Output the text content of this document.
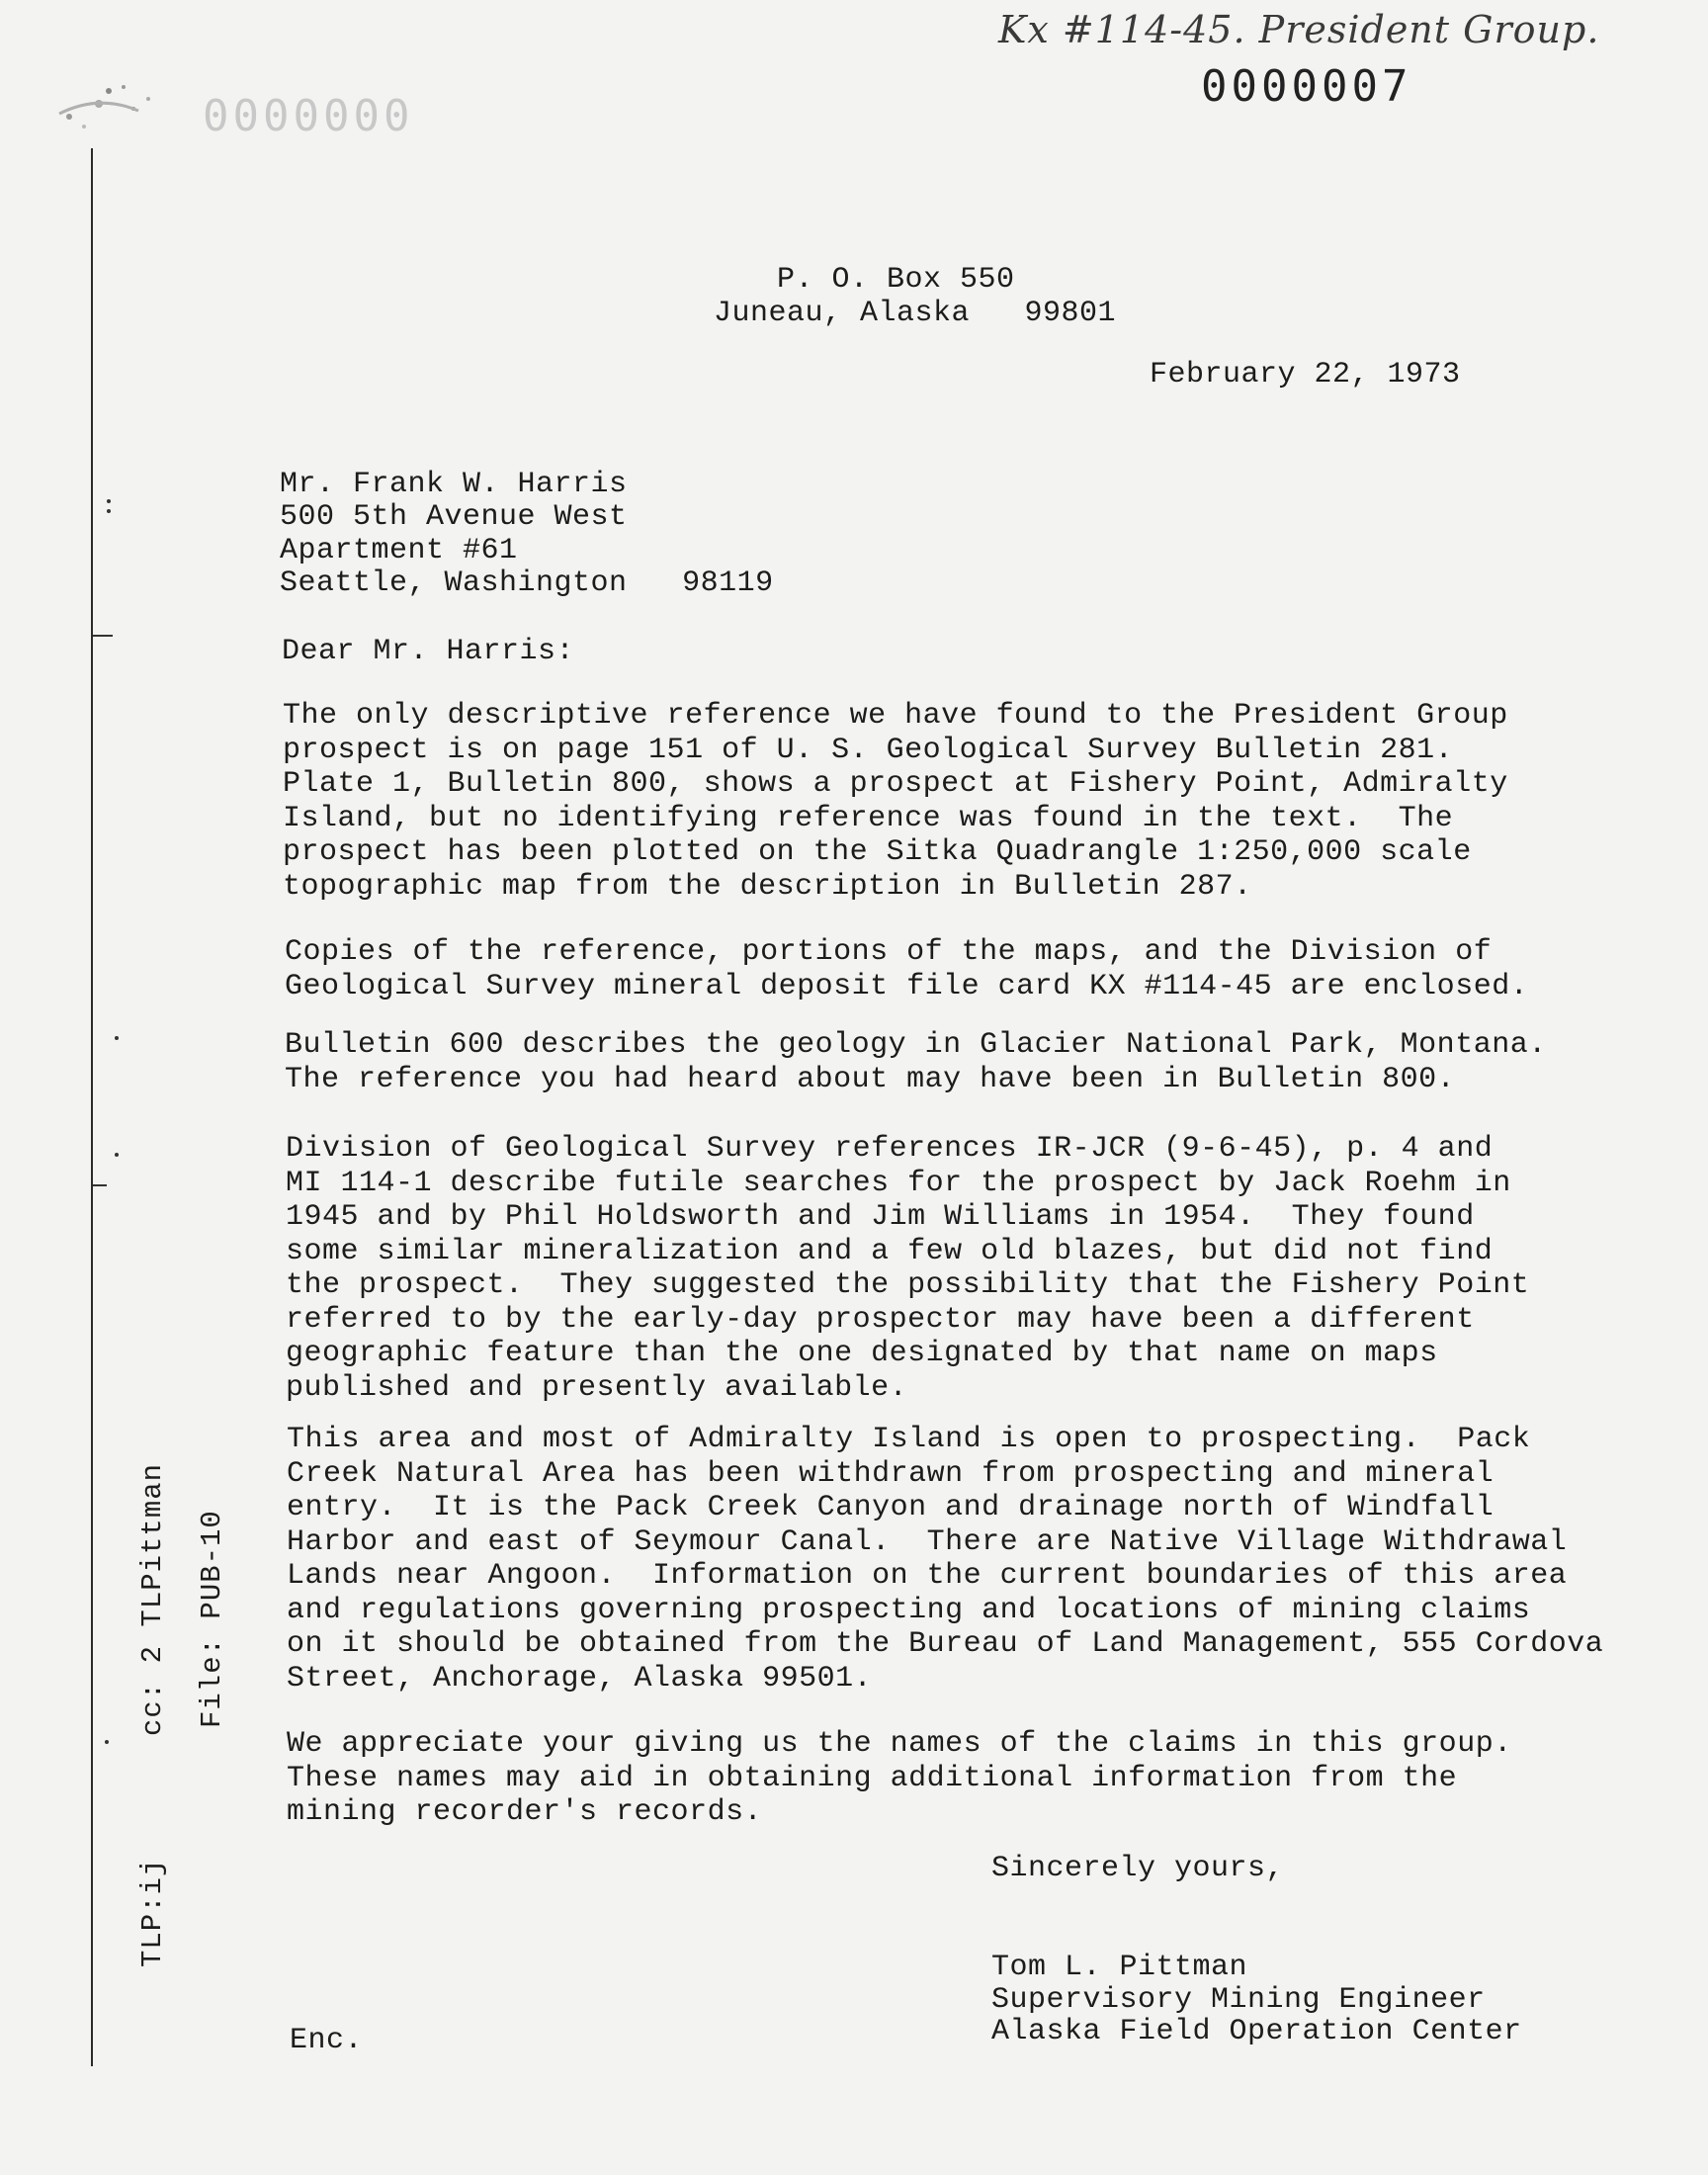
Kx #114-45. President Group.
0000007
0000000
P. O. Box 550
Juneau, Alaska   99801
February 22, 1973
Mr. Frank W. Harris
500 5th Avenue West
Apartment #61
Seattle, Washington   98119
Dear Mr. Harris:
The only descriptive reference we have found to the President Group
prospect is on page 151 of U. S. Geological Survey Bulletin 281.
Plate 1, Bulletin 800, shows a prospect at Fishery Point, Admiralty
Island, but no identifying reference was found in the text.  The
prospect has been plotted on the Sitka Quadrangle 1:250,000 scale
topographic map from the description in Bulletin 287.
Copies of the reference, portions of the maps, and the Division of
Geological Survey mineral deposit file card KX #114-45 are enclosed.
Bulletin 600 describes the geology in Glacier National Park, Montana.
The reference you had heard about may have been in Bulletin 800.
Division of Geological Survey references IR-JCR (9-6-45), p. 4 and
MI 114-1 describe futile searches for the prospect by Jack Roehm in
1945 and by Phil Holdsworth and Jim Williams in 1954.  They found
some similar mineralization and a few old blazes, but did not find
the prospect.  They suggested the possibility that the Fishery Point
referred to by the early-day prospector may have been a different
geographic feature than the one designated by that name on maps
published and presently available.
This area and most of Admiralty Island is open to prospecting.  Pack
Creek Natural Area has been withdrawn from prospecting and mineral
entry.  It is the Pack Creek Canyon and drainage north of Windfall
Harbor and east of Seymour Canal.  There are Native Village Withdrawal
Lands near Angoon.  Information on the current boundaries of this area
and regulations governing prospecting and locations of mining claims
on it should be obtained from the Bureau of Land Management, 555 Cordova
Street, Anchorage, Alaska 99501.
We appreciate your giving us the names of the claims in this group.
These names may aid in obtaining additional information from the
mining recorder's records.
Sincerely yours,
Tom L. Pittman
Supervisory Mining Engineer
Alaska Field Operation Center
Enc.
cc: 2 TLPittman File: PUB-10
TLP:ij
